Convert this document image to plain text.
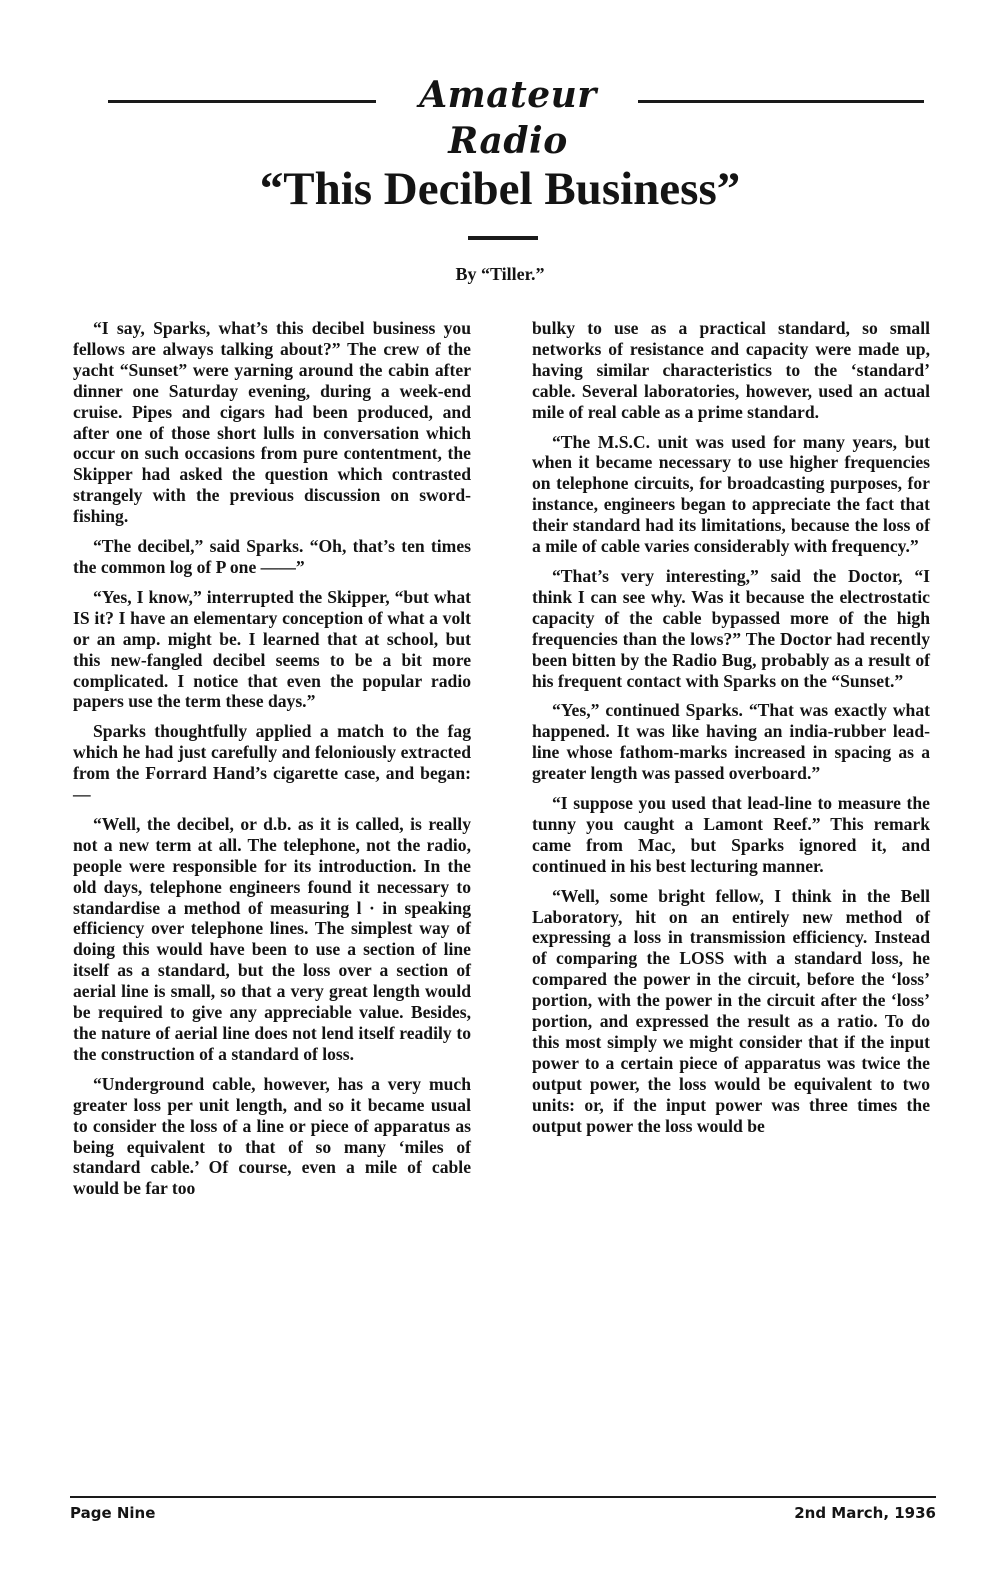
Amateur Radio
“This Decibel Business”
By “Tiller.”

“I say, Sparks, what’s this decibel business you fellows are always talking about?” The crew of the yacht “Sunset” were yarning around the cabin after dinner one Saturday evening, during a week-end cruise. Pipes and cigars had been produced, and after one of those short lulls in conversation which occur on such occasions from pure contentment, the Skipper had asked the question which contrasted strangely with the previous discussion on sword-fishing.

“The decibel,” said Sparks. “Oh, that’s ten times the common log of P one ——”

“Yes, I know,” interrupted the Skipper, “but what IS it? I have an elementary conception of what a volt or an amp. might be. I learned that at school, but this new-fangled decibel seems to be a bit more complicated. I notice that even the popular radio papers use the term these days.”

Sparks thoughtfully applied a match to the fag which he had just carefully and feloniously extracted from the Forrard Hand’s cigarette case, and began:—

“Well, the decibel, or d.b. as it is called, is really not a new term at all. The telephone, not the radio, people were responsible for its introduction. In the old days, telephone engineers found it necessary to standardise a method of measuring l · in speaking efficiency over telephone lines. The simplest way of doing this would have been to use a section of line itself as a standard, but the loss over a section of aerial line is small, so that a very great length would be required to give any appreciable value. Besides, the nature of aerial line does not lend itself readily to the construction of a standard of loss.

“Underground cable, however, has a very much greater loss per unit length, and so it became usual to consider the loss of a line or piece of apparatus as being equivalent to that of so many ‘miles of standard cable.’ Of course, even a mile of cable would be far too

bulky to use as a practical standard, so small networks of resistance and capacity were made up, having similar characteristics to the ‘standard’ cable. Several laboratories, however, used an actual mile of real cable as a prime standard.

“The M.S.C. unit was used for many years, but when it became necessary to use higher frequencies on telephone circuits, for broadcasting purposes, for instance, engineers began to appreciate the fact that their standard had its limitations, because the loss of a mile of cable varies considerably with frequency.”

“That’s very interesting,” said the Doctor, “I think I can see why. Was it because the electrostatic capacity of the cable bypassed more of the high frequencies than the lows?” The Doctor had recently been bitten by the Radio Bug, probably as a result of his frequent contact with Sparks on the “Sunset.”

“Yes,” continued Sparks. “That was exactly what happened. It was like having an india-rubber lead-line whose fathom-marks increased in spacing as a greater length was passed overboard.”

“I suppose you used that lead-line to measure the tunny you caught a Lamont Reef.” This remark came from Mac, but Sparks ignored it, and continued in his best lecturing manner.

“Well, some bright fellow, I think in the Bell Laboratory, hit on an entirely new method of expressing a loss in transmission efficiency. Instead of comparing the LOSS with a standard loss, he compared the power in the circuit, before the ‘loss’ portion, with the power in the circuit after the ‘loss’ portion, and expressed the result as a ratio. To do this most simply we might consider that if the input power to a certain piece of apparatus was twice the output power, the loss would be equivalent to two units: or, if the input power was three times the output power the loss would be

Page Nine	2nd March, 1936
